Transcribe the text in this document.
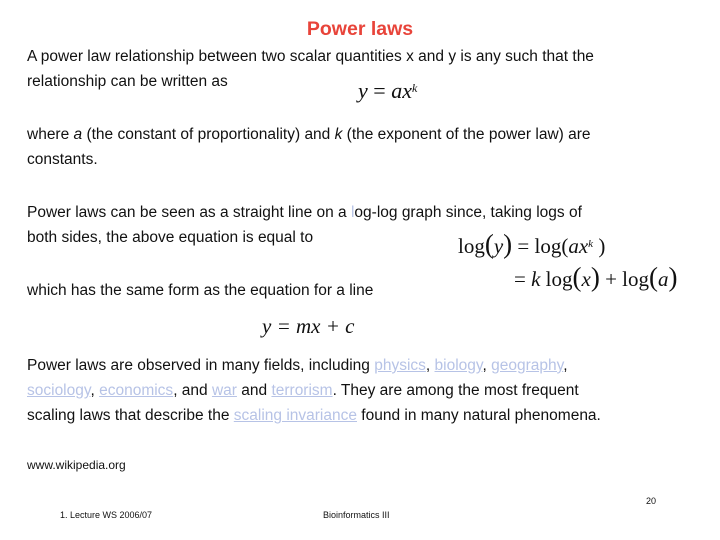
Power laws
A power law relationship between two scalar quantities x and y is any such that the
relationship can be written as	$y = ax^k$
where a (the constant of proportionality) and k (the exponent of the power law) are
constants.
Power laws can be seen as a straight line on a log-log graph since, taking logs of
both sides, the above equation is equal to	$\log(y) = \log(ax^k$ )
= k log(x) + log(a)
which has the same form as the equation for a line
y = mx + c
Power laws are observed in many fields, including physics, biology, geography,
sociology, economics, and war and terrorism. They are among the most frequent
scaling laws that describe the scaling invariance found in many natural phenomena.
www.wikipedia.org
1. Lecture WS 2006/07	Bioinformatics III
20
